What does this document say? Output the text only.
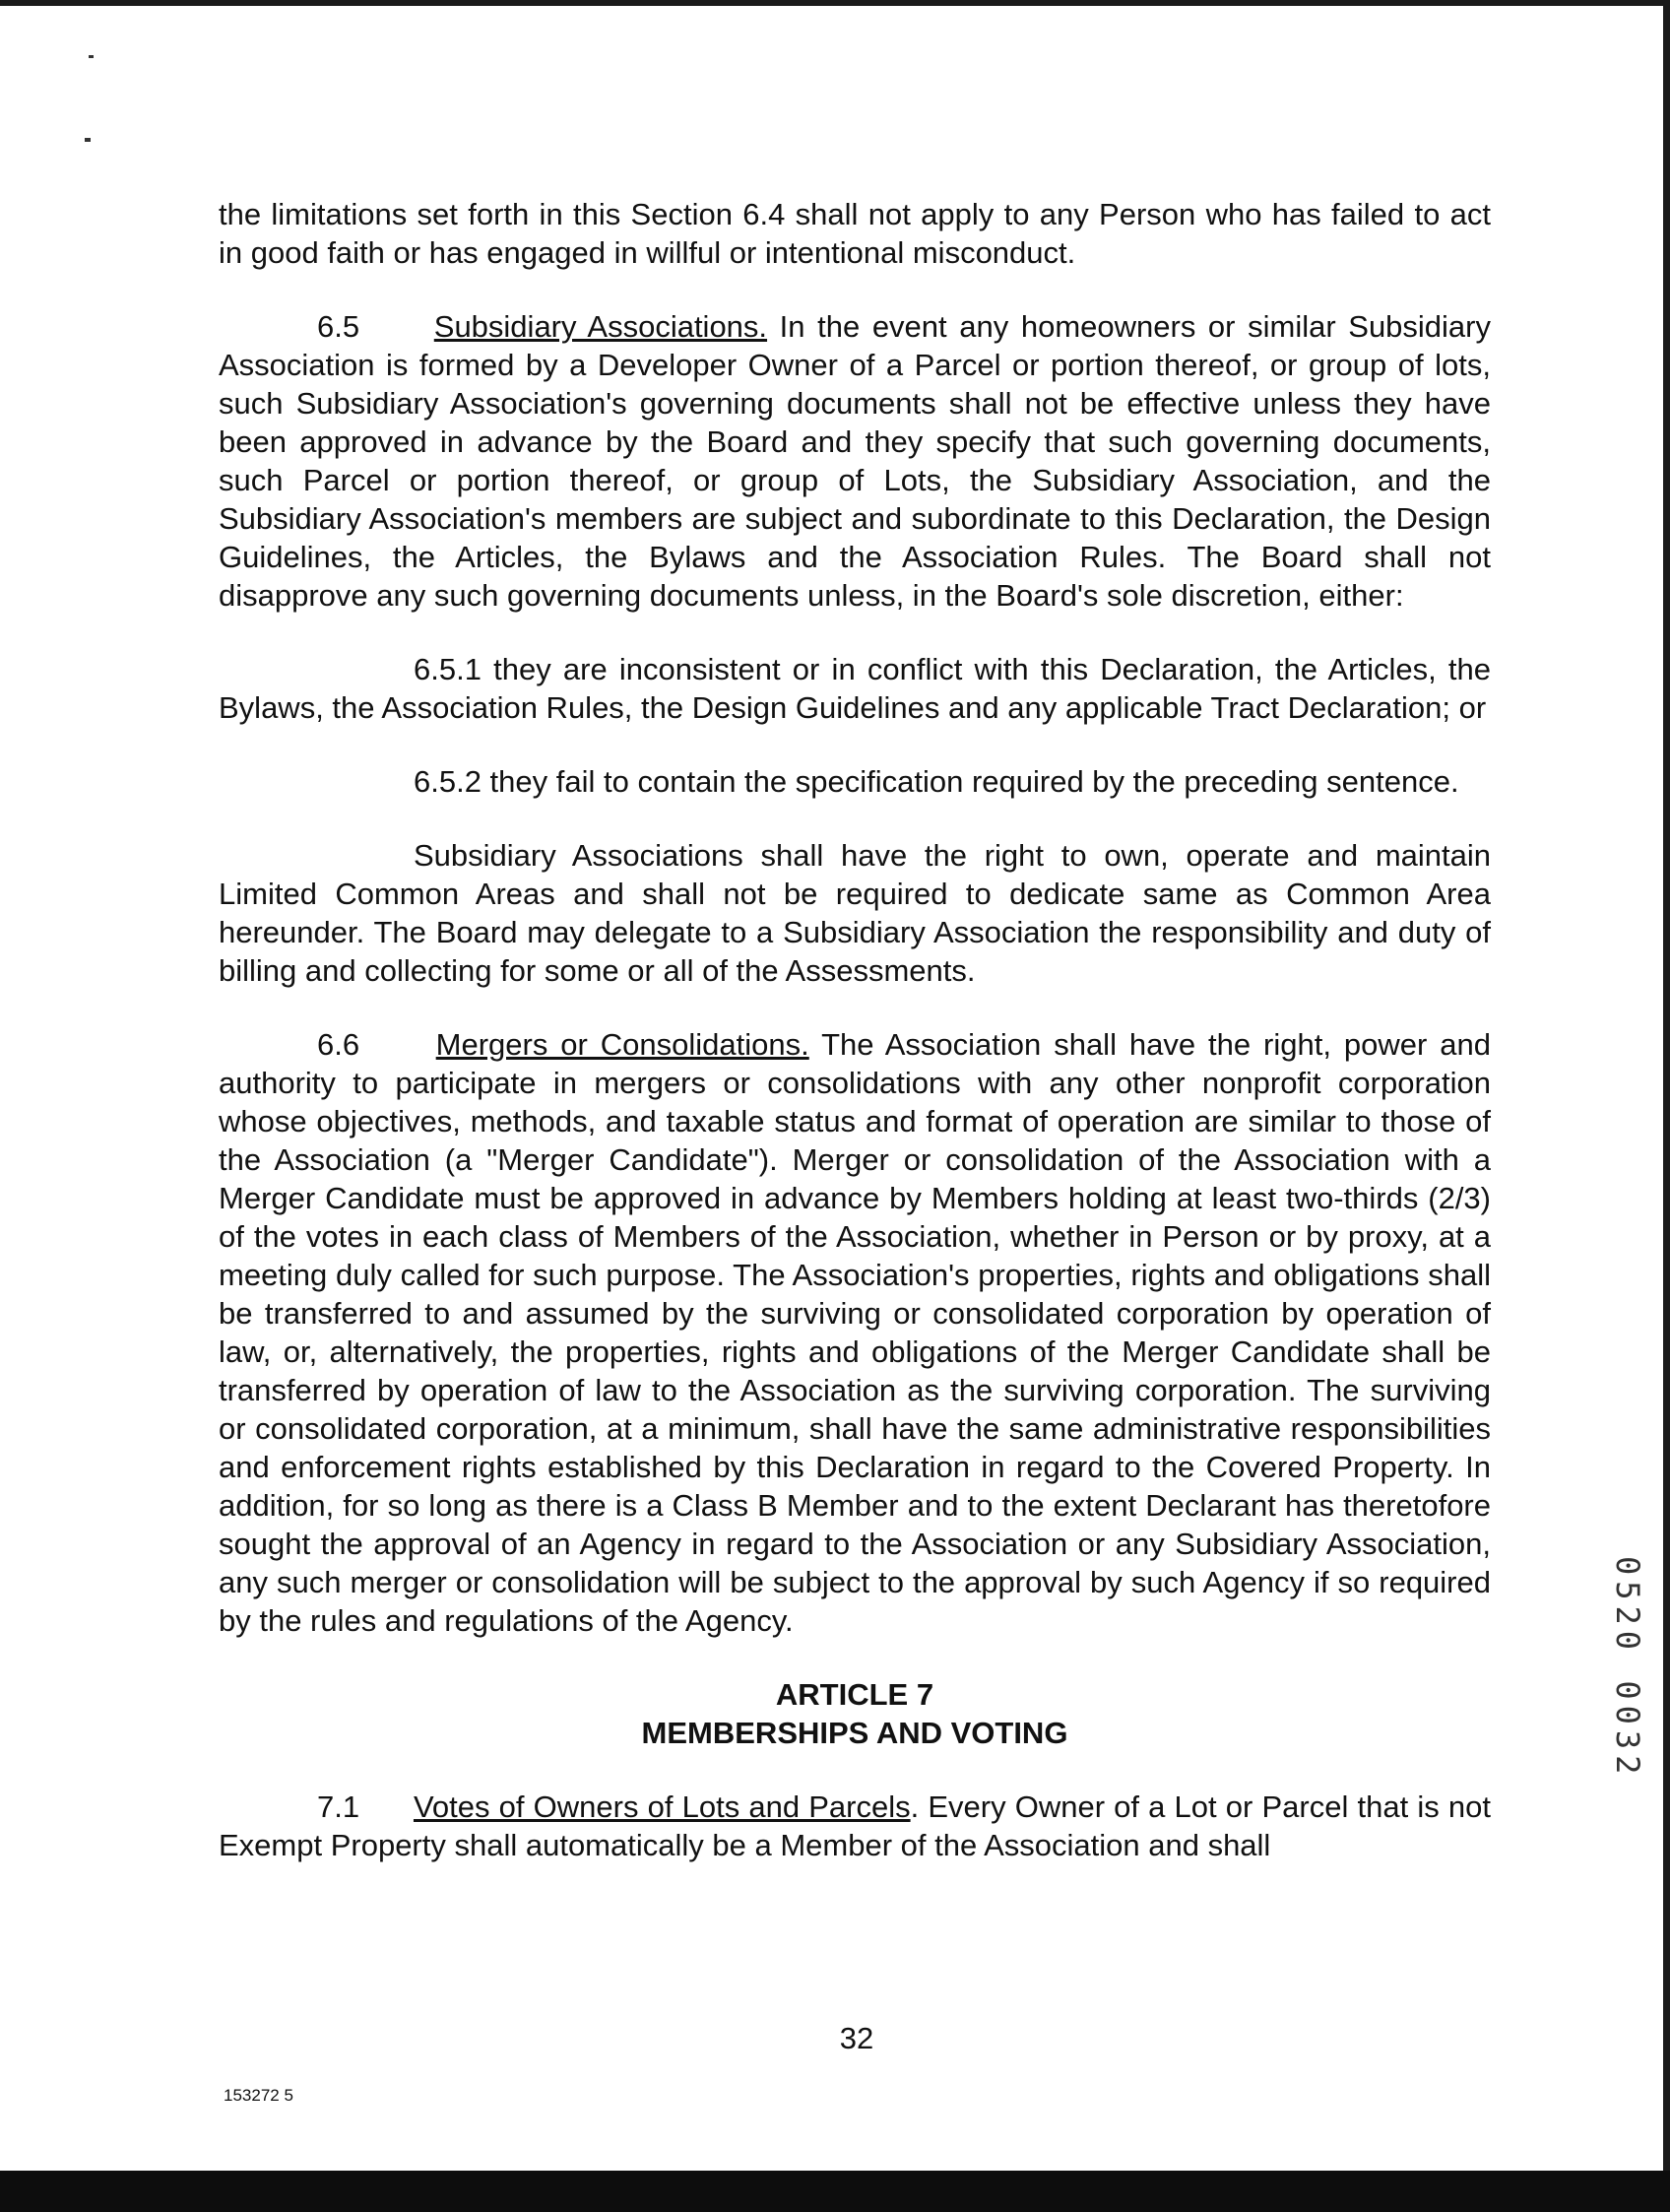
the limitations set forth in this Section 6.4 shall not apply to any Person who has failed to act in good faith or has engaged in willful or intentional misconduct.

6.5 Subsidiary Associations. In the event any homeowners or similar Subsidiary Association is formed by a Developer Owner of a Parcel or portion thereof, or group of lots, such Subsidiary Association's governing documents shall not be effective unless they have been approved in advance by the Board and they specify that such governing documents, such Parcel or portion thereof, or group of Lots, the Subsidiary Association, and the Subsidiary Association's members are subject and subordinate to this Declaration, the Design Guidelines, the Articles, the Bylaws and the Association Rules. The Board shall not disapprove any such governing documents unless, in the Board's sole discretion, either:

6.5.1 they are inconsistent or in conflict with this Declaration, the Articles, the Bylaws, the Association Rules, the Design Guidelines and any applicable Tract Declaration; or

6.5.2 they fail to contain the specification required by the preceding sentence.

Subsidiary Associations shall have the right to own, operate and maintain Limited Common Areas and shall not be required to dedicate same as Common Area hereunder. The Board may delegate to a Subsidiary Association the responsibility and duty of billing and collecting for some or all of the Assessments.

6.6	Mergers or Consolidations. The Association shall have the right, power and authority to participate in mergers or consolidations with any other nonprofit corporation whose objectives, methods, and taxable status and format of operation are similar to those of the Association (a "Merger Candidate"). Merger or consolidation of the Association with a Merger Candidate must be approved in advance by Members holding at least two-thirds (2/3) of the votes in each class of Members of the Association, whether in Person or by proxy, at a meeting duly called for such purpose. The Association's properties, rights and obligations shall be transferred to and assumed by the surviving or consolidated corporation by operation of law, or, alternatively, the properties, rights and obligations of the Merger Candidate shall be transferred by operation of law to the Association as the surviving corporation. The surviving or consolidated corporation, at a minimum, shall have the same administrative responsibilities and enforcement rights established by this Declaration in regard to the Covered Property. In addition, for so long as there is a Class B Member and to the extent Declarant has theretofore sought the approval of an Agency in regard to the Association or any Subsidiary Association, any such merger or consolidation will be subject to the approval by such Agency if so required by the rules and regulations of the Agency.

ARTICLE 7

MEMBERSHIPS AND VOTING

7.1 Votes of Owners of Lots and Parcels. Every Owner of a Lot or Parcel that is not Exempt Property shall automatically be a Member of the Association and shall

32
153272 5
0520 0032
